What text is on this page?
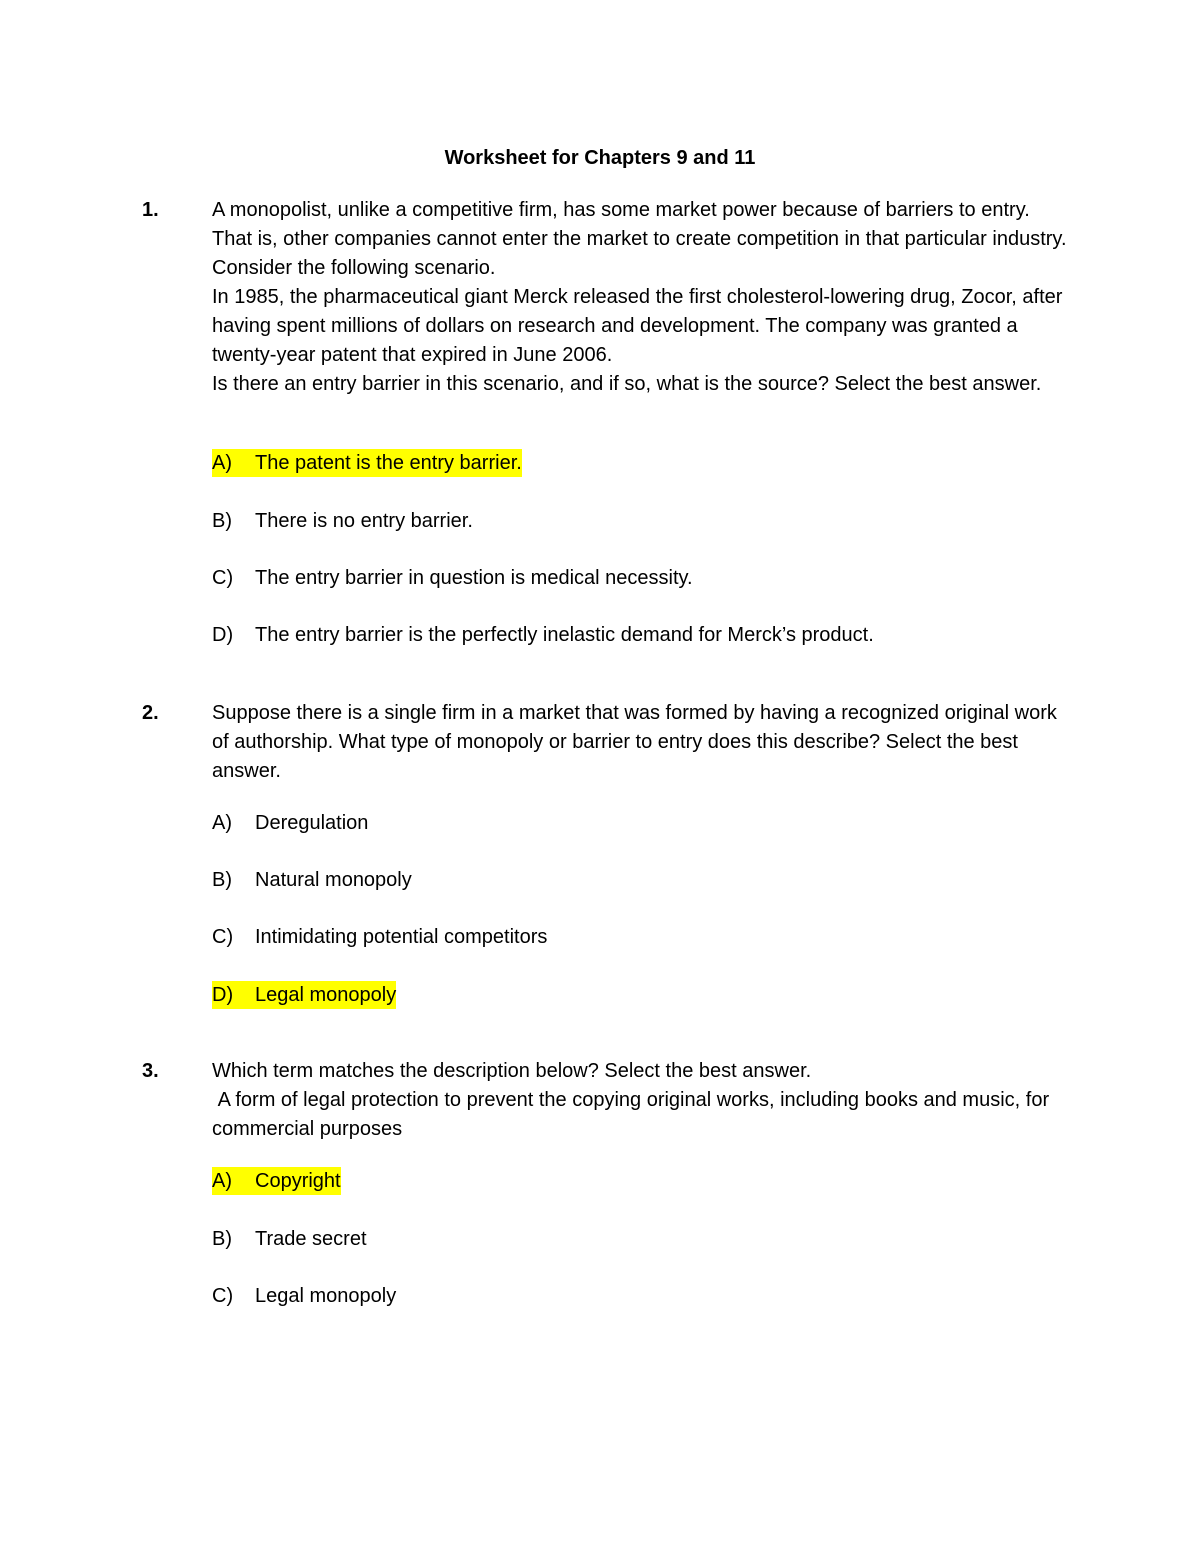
Worksheet for Chapters 9 and 11
1.	A monopolist, unlike a competitive firm, has some market power because of barriers to entry. That is, other companies cannot enter the market to create competition in that particular industry. Consider the following scenario.

In 1985, the pharmaceutical giant Merck released the first cholesterol-lowering drug, Zocor, after having spent millions of dollars on research and development. The company was granted a twenty-year patent that expired in June 2006.

Is there an entry barrier in this scenario, and if so, what is the source? Select the best answer.

A) The patent is the entry barrier.
B) There is no entry barrier.
C) The entry barrier in question is medical necessity.
D) The entry barrier is the perfectly inelastic demand for Merck’s product.
2.	Suppose there is a single firm in a market that was formed by having a recognized original work of authorship. What type of monopoly or barrier to entry does this describe? Select the best answer.

A) Deregulation
B) Natural monopoly
C) Intimidating potential competitors
D) Legal monopoly
3.	Which term matches the description below? Select the best answer.

A form of legal protection to prevent the copying original works, including books and music, for commercial purposes

A) Copyright
B) Trade secret
C) Legal monopoly
